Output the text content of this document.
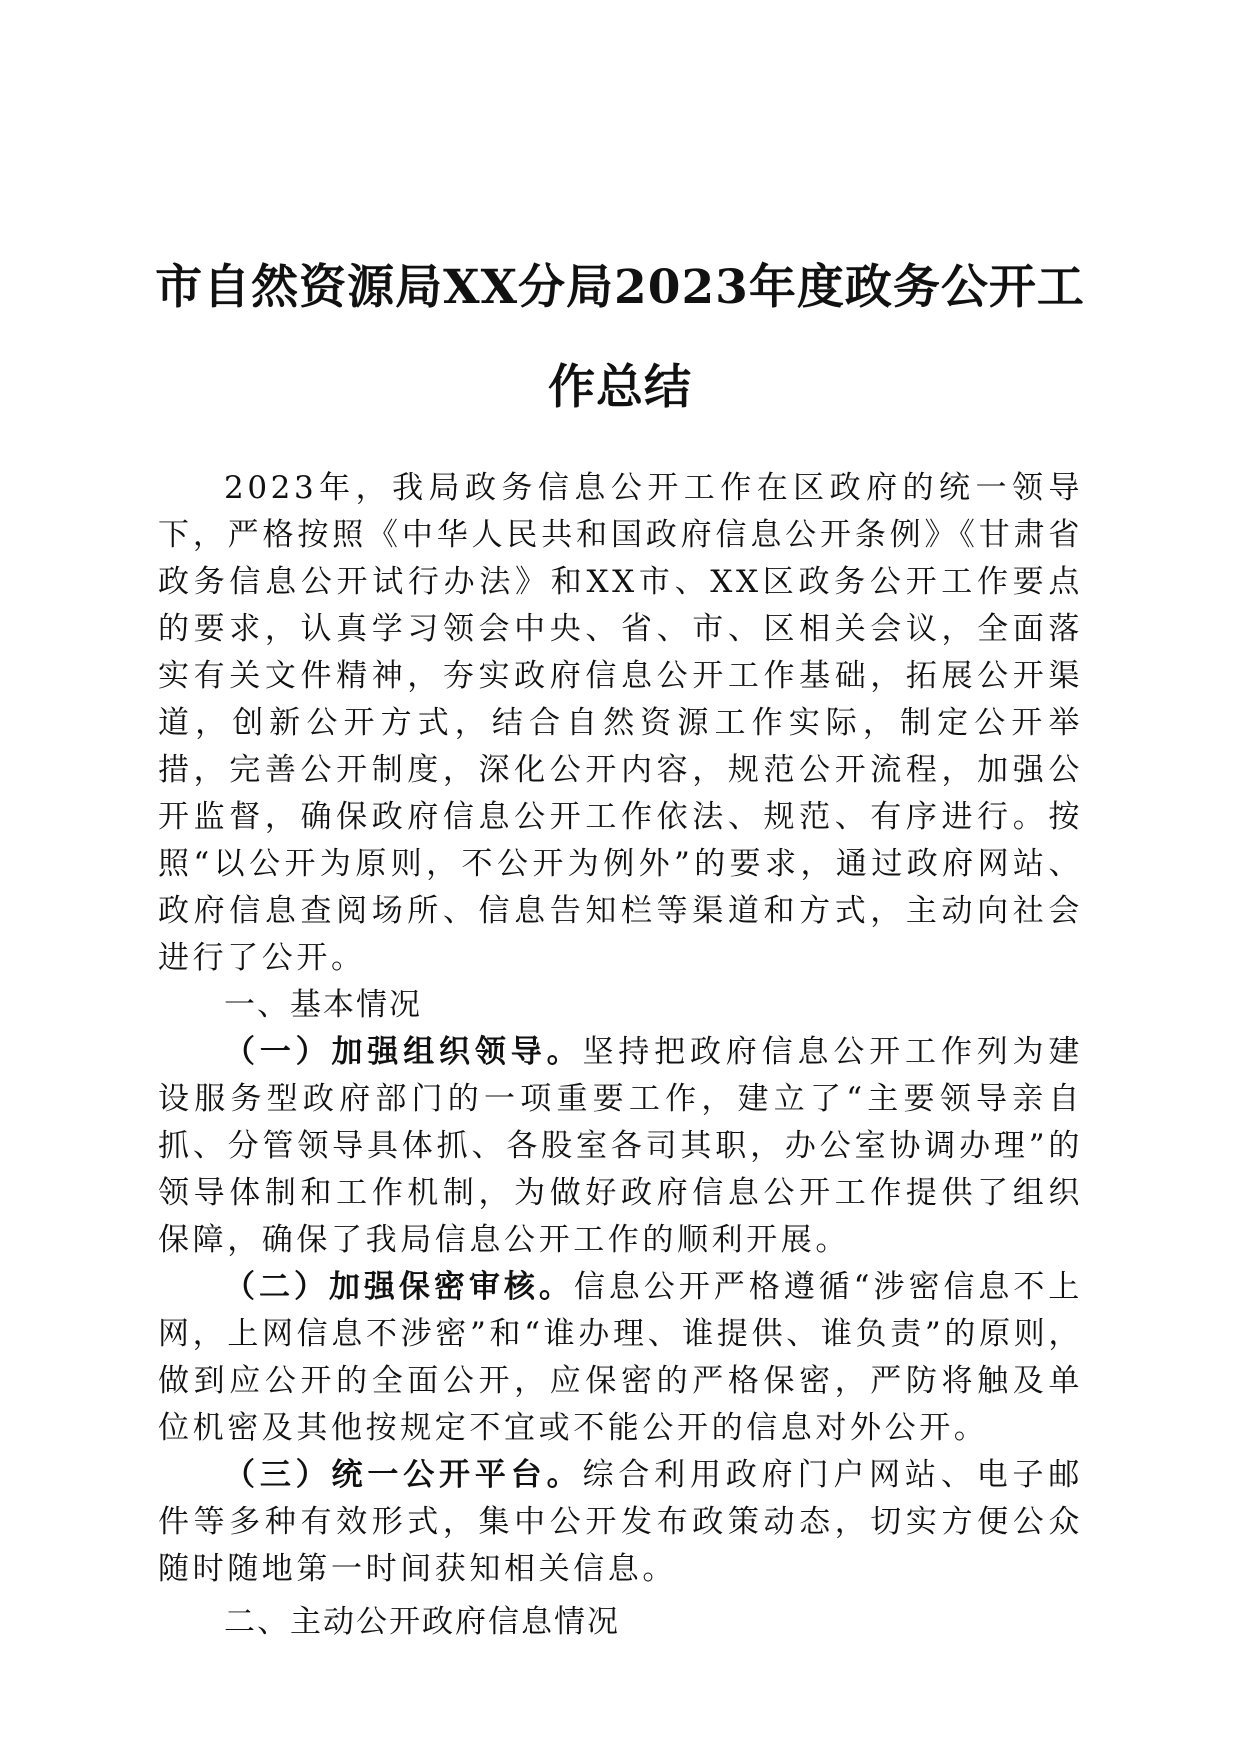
市自然资源局XX分局2023年度政务公开工
作总结

2023年，我局政务信息公开工作在区政府的统一领导下，严格按照《中华人民共和国政府信息公开条例》《甘肃省政务信息公开试行办法》和XX市、XX区政务公开工作要点的要求，认真学习领会中央、省、市、区相关会议，全面落实有关文件精神，夯实政府信息公开工作基础，拓展公开渠道，创新公开方式，结合自然资源工作实际，制定公开举措，完善公开制度，深化公开内容，规范公开流程，加强公开监督，确保政府信息公开工作依法、规范、有序进行。按照“以公开为原则，不公开为例外”的要求，通过政府网站、政府信息查阅场所、信息告知栏等渠道和方式，主动向社会进行了公开。

一、基本情况

（一）加强组织领导。坚持把政府信息公开工作列为建设服务型政府部门的一项重要工作，建立了“主要领导亲自抓、分管领导具体抓、各股室各司其职，办公室协调办理”的领导体制和工作机制，为做好政府信息公开工作提供了组织保障，确保了我局信息公开工作的顺利开展。

（二）加强保密审核。信息公开严格遵循“涉密信息不上网，上网信息不涉密”和“谁办理、谁提供、谁负责”的原则，做到应公开的全面公开，应保密的严格保密，严防将触及单位机密及其他按规定不宜或不能公开的信息对外公开。

（三）统一公开平台。综合利用政府门户网站、电子邮件等多种有效形式，集中公开发布政策动态，切实方便公众随时随地第一时间获知相关信息。

二、主动公开政府信息情况
